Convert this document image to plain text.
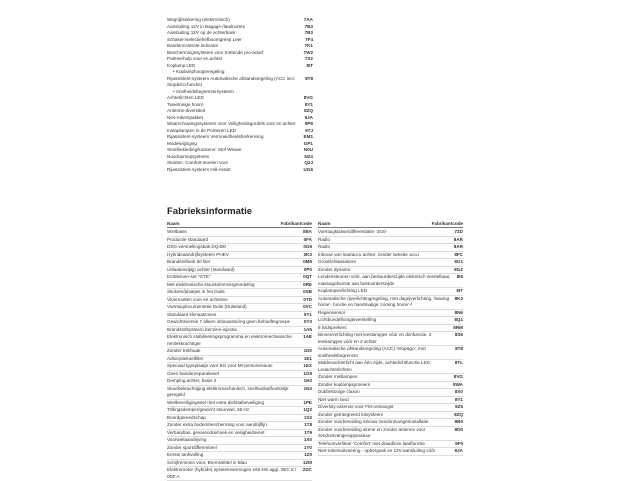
Wegrijblokkering (elektronisch)	7AA
Aansluiting 12V in Bagage-/laadruimte	7B3
Aansluiting 12V op de achterbank	7B3
Schakel-/selectiehefboomgreep Leer	7F4
Bandencontrole-indicator	7K1
Beschermingssysteem voor trottende pro-actief	7W2
Parkeerhulp voor en achter	7X2
Koplamp LED	8IT
• Koplamphoogteregeling
Rijassistent-systeem Automatische afstandsregeling (ACC incl. Stop&Go-functie)
8T8
• Snelheidsbegrenzersysteem
Achterlichten LED	8VG
Tweetonige hoorn	8Y1
Antenne-diversiteit	8ZQ
Niet-rokerspakket	9JA
Waarschuwingssysteem voor Veiligheidsgordels voor en achter	9P9
Instaplampen in de Portieren LED	9TJ
Rijassistent-systeem Vermoeidheidsherkenning	EM1
Modelwijziging	GP1
Stoelbekleding/kussens: Stof Weave	N0U
Noodoproepsysteem	NZ4
Stoelen: Comfort-stoelen voor	Q2J
Rijassistent-systeem Hill-Assist	UG6
Fabrieksinformatie
Naam	Fabrikantcode
Wielbasis	0BA
Productie standaard	0FA
DSG-versnellingsbak DQ400	0G6
Hybrideaandrijfsysteem PHEV	0K3
Brandstoftank 50 liter	0M5
Uitlaateindpijp achter (standaard)	0P0
Emblemen-set "GTE"	0QT
Met elektronische stuurkolomvergrendeling	0RE
Stickers/plaatjes in het Duits	0SB
Vloermatten voor en achteren	0TD
Voertuigdocumentatie Duits (Duitsland)	0VC
Standaard klimaatzones	0Y1
Gewichtsversie 7 alleen inbouwsturing geen behoeftegroepe	0Y3
Brandstofsysteem benzine-injectie	1A5
Elektronisch stabiliseringsprogramma en elektromechanische remlekkrachtiger
1AE
Zonder trekhaak	1D0
Adsorptiekoelfilter	1E1
Speciaal typeplaatje voor EG voor MI-personenauto	1EX
Geen bandenreparatieset	1G9
Demping achter, basis 2	1H3
Stuurbekrachtiging elektromechanisch, snelheidsafhankelijk geregeld
1N3
Wielbeveiligingsset met extra diefstalbeveiliging	1PE
Trillingsdemper/gewicht stuurwiel, 36 Hz	1Q2
Boordgereedschap	1S3
Zonder extra bodembescherming voor aandrijflijn	1T8
Verbandtas, gevarendriehoek en veiligheidsvest	1T9
Voorwielaandrijving	1X0
Zonder sportdifferentieel	1Y0
Eerste tankvulling	1Z0
Schijfremmen voor, Bremsstittel in Blau	1ZM
Elektromotor (hybride) systeemvermogen 160 kW aggr. 0EC.8 / 0DF.A
2DC
Naam	Fabrikantcode
Voertuigklasse/differentiatie -3G0-	7ZD
Radio	8AR
Radio	8AR
Inbouw van startaccu achter, zonder tweede accu	8FC
Grootlichtassistent	8G1
Zonder dynamo	8GZ
Lendensteunen vóór, aan bestuurderszijde elektrisch verstelbaar, massagefunctie aan bestuurderszijde
8I6
Koplampverlichting LED	8IT
Automatische rijverlichtingregeling, met dagrijverlichting, 'leaving home'- functie en handmatige 'coming home'-f
8K3
Regensensor	8N6
Lichtbundelhoogteverstelling	8Q1
8 luidsprekers	8RM
Binnenverlichting met leeslampjes vóór en dimfunctie, 2 leeslampjes vóór en 2 achter
8S6
Automatische afstandsregeling (ACC) 'Stop&go', met snelheidsbegrenzer
8T8
Middenachterlicht aan één zijde, achterlichtfunctie LED. Ledachterlichten
8TL
Zonder mistlampen	8VG
Zonder koplampsproeiers	8WA
Dubbeltonige claxon	8X0
Niet warm land	8Y1
Diversity-antenne voor FM-ontvangst	8Z5
Zonder geïntegreerd tolsysteem	8ZQ
Zonder voorbereiding inbouw zendontvangerinstallatie	9B0
Zonder voorbereiding sirene en zonder antenne voor zendontvangerapparatuur
9D0
Telefoonverliteur 'Comfort' met draadloze laadfunctie	9F0
Niet-rokersuitvoering - opbergvak en 12V-aansluiting vóór	9JA
